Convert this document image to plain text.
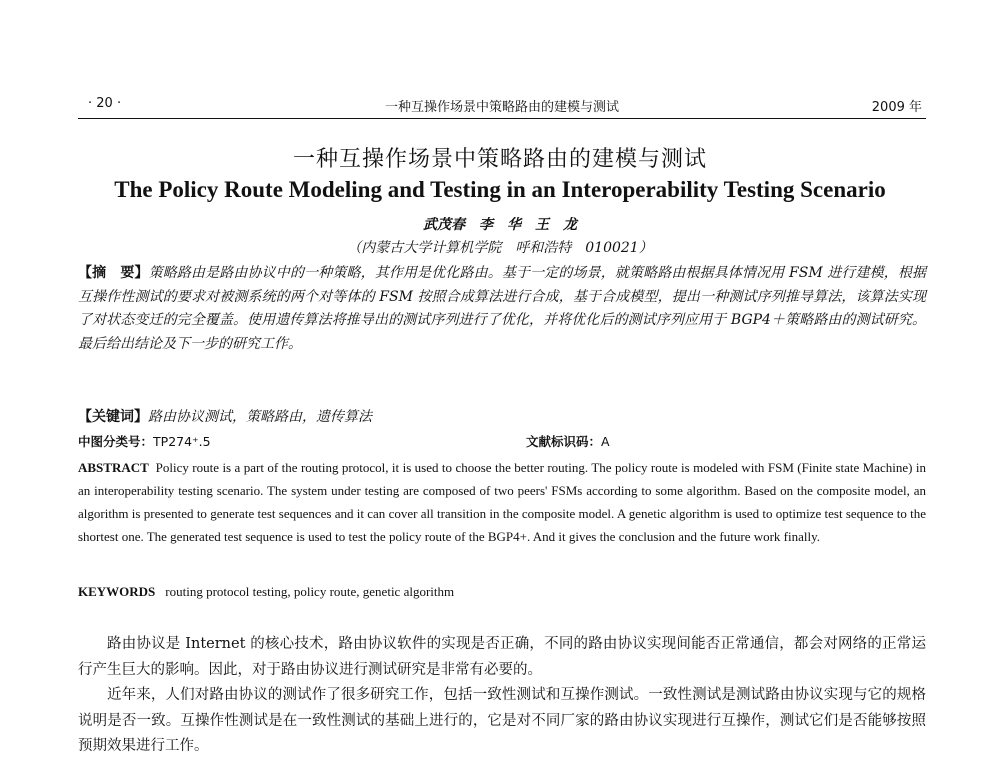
· 20 ·	一种互操作场景中策略路由的建模与测试	2009 年
一种互操作场景中策略路由的建模与测试
The Policy Route Modeling and Testing in an Interoperability Testing Scenario
武茂春　李　华　王　龙
（内蒙古大学计算机学院　呼和浩特　010021）
【摘　要】策略路由是路由协议中的一种策略，其作用是优化路由。基于一定的场景，就策略路由根据具体情况用 FSM 进行建模，根据互操作性测试的要求对被测系统的两个对等体的 FSM 按照合成算法进行合成，基于合成模型，提出一种测试序列推导算法，该算法实现了对状态变迁的完全覆盖。使用遗传算法将推导出的测试序列进行了优化，并将优化后的测试序列应用于 BGP4＋策略路由的测试研究。最后给出结论及下一步的研究工作。
【关键词】路由协议测试，策略路由，遗传算法
中图分类号：TP274⁺.5	文献标识码：A
ABSTRACT Policy route is a part of the routing protocol, it is used to choose the better routing. The policy route is modeled with FSM (Finite state Machine) in an interoperability testing scenario. The system under testing are composed of two peers' FSMs according to some algorithm. Based on the composite model, an algorithm is presented to generate test sequences and it can cover all transition in the composite model. A genetic algorithm is used to optimize test sequence to the shortest one. The generated test sequence is used to test the policy route of the BGP4+. And it gives the conclusion and the future work finally.
KEYWORDS routing protocol testing, policy route, genetic algorithm

路由协议是 Internet 的核心技术，路由协议软件的实现是否正确，不同的路由协议实现间能否正常通信，都会对网络的正常运行产生巨大的影响。因此，对于路由协议进行测试研究是非常有必要的。

近年来，人们对路由协议的测试作了很多研究工作，包括一致性测试和互操作测试。一致性测试是测试路由协议实现与它的规格说明是否一致。互操作性测试是在一致性测试的基础上进行的，它是对不同厂家的路由协议实现进行互操作，测试它们是否能够按照预期效果进行工作。
